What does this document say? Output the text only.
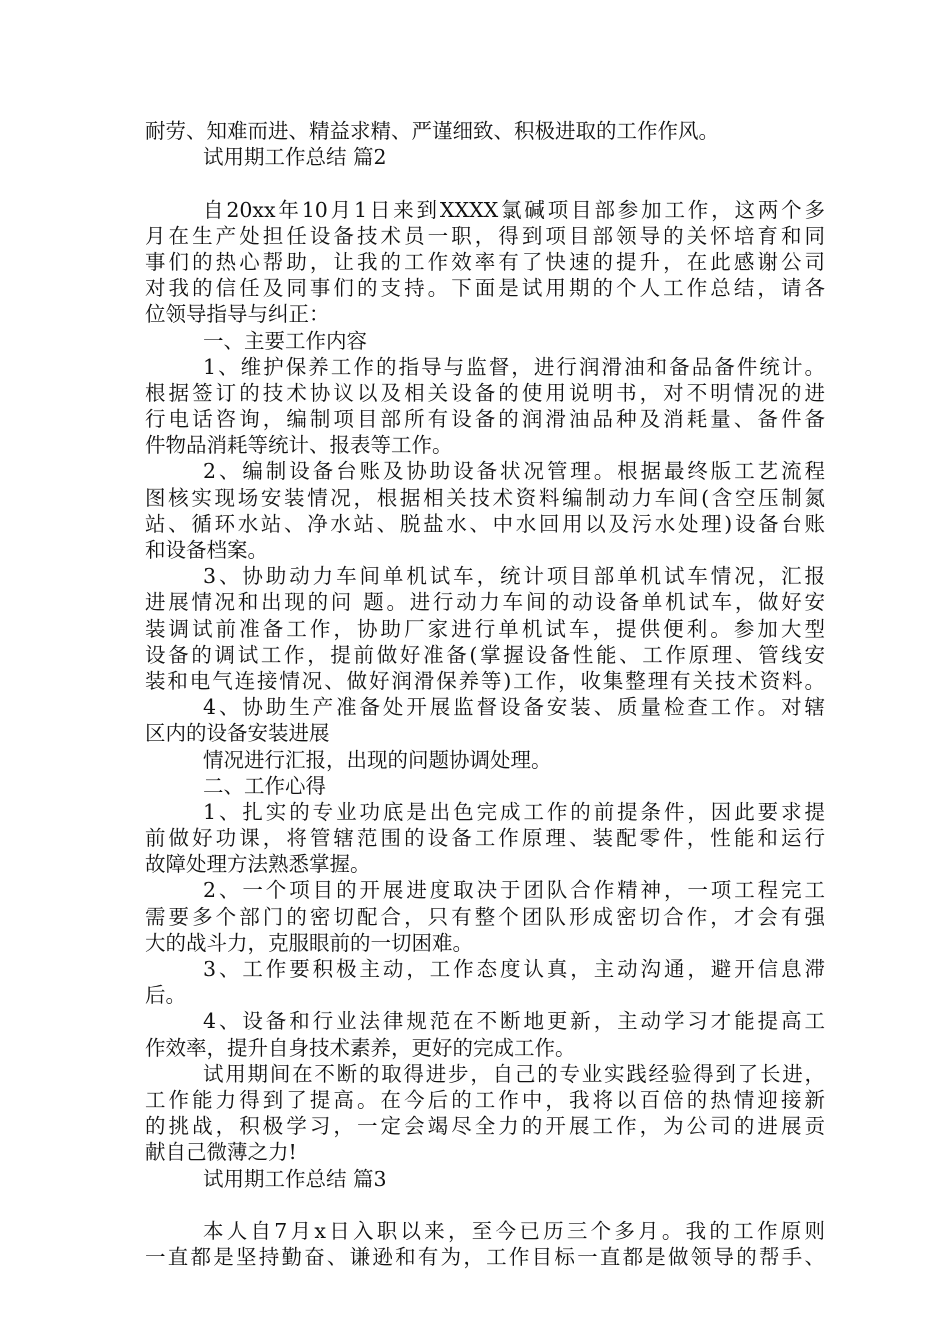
耐劳、知难而进、精益求精、严谨细致、积极进取的工作作风。
试用期工作总结 篇2
自20xx年10月1日来到XXXX氯碱项目部参加工作，这两个多
月在生产处担任设备技术员一职，得到项目部领导的关怀培育和同
事们的热心帮助，让我的工作效率有了快速的提升，在此感谢公司
对我的信任及同事们的支持。下面是试用期的个人工作总结，请各
位领导指导与纠正：
一、主要工作内容
1、维护保养工作的指导与监督，进行润滑油和备品备件统计。
根据签订的技术协议以及相关设备的使用说明书，对不明情况的进
行电话咨询，编制项目部所有设备的润滑油品种及消耗量、备件备
件物品消耗等统计、报表等工作。
2、编制设备台账及协助设备状况管理。根据最终版工艺流程
图核实现场安装情况，根据相关技术资料编制动力车间(含空压制氮
站、循环水站、净水站、脱盐水、中水回用以及污水处理)设备台账
和设备档案。
3、协助动力车间单机试车，统计项目部单机试车情况，汇报
进展情况和出现的问 题。进行动力车间的动设备单机试车，做好安
装调试前准备工作，协助厂家进行单机试车，提供便利。参加大型
设备的调试工作，提前做好准备(掌握设备性能、工作原理、管线安
装和电气连接情况、做好润滑保养等)工作，收集整理有关技术资料。
4、协助生产准备处开展监督设备安装、质量检查工作。对辖
区内的设备安装进展
情况进行汇报，出现的问题协调处理。
二、工作心得
1、扎实的专业功底是出色完成工作的前提条件，因此要求提
前做好功课，将管辖范围的设备工作原理、装配零件，性能和运行
故障处理方法熟悉掌握。
2、一个项目的开展进度取决于团队合作精神，一项工程完工
需要多个部门的密切配合，只有整个团队形成密切合作，才会有强
大的战斗力，克服眼前的一切困难。
3、工作要积极主动，工作态度认真，主动沟通，避开信息滞
后。
4、设备和行业法律规范在不断地更新，主动学习才能提高工
作效率，提升自身技术素养，更好的完成工作。
试用期间在不断的取得进步，自己的专业实践经验得到了长进，
工作能力得到了提高。在今后的工作中，我将以百倍的热情迎接新
的挑战，积极学习，一定会竭尽全力的开展工作，为公司的进展贡
献自己微薄之力!
试用期工作总结 篇3
本人自7月x日入职以来，至今已历三个多月。我的工作原则
一直都是坚持勤奋、谦逊和有为，工作目标一直都是做领导的帮手、
